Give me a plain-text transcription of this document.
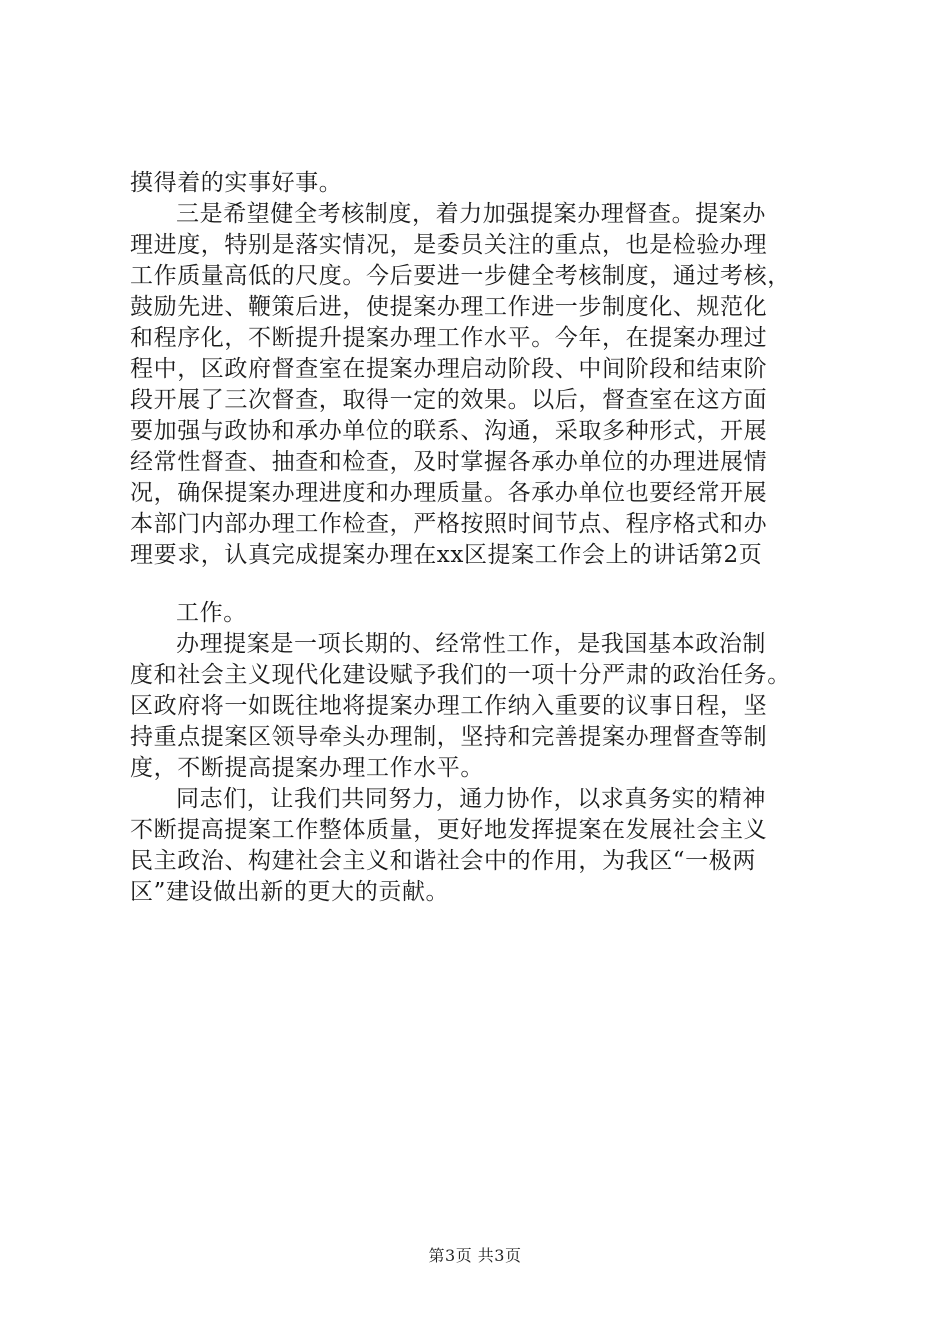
摸得着的实事好事。
三是希望健全考核制度，着力加强提案办理督查。提案办
理进度，特别是落实情况，是委员关注的重点，也是检验办理
工作质量高低的尺度。今后要进一步健全考核制度，通过考核，
鼓励先进、鞭策后进，使提案办理工作进一步制度化、规范化
和程序化，不断提升提案办理工作水平。今年，在提案办理过
程中，区政府督查室在提案办理启动阶段、中间阶段和结束阶
段开展了三次督查，取得一定的效果。以后，督查室在这方面
要加强与政协和承办单位的联系、沟通，采取多种形式，开展
经常性督查、抽查和检查，及时掌握各承办单位的办理进展情
况，确保提案办理进度和办理质量。各承办单位也要经常开展
本部门内部办理工作检查，严格按照时间节点、程序格式和办
理要求，认真完成提案办理在xx区提案工作会上的讲话第2页
工作。
办理提案是一项长期的、经常性工作，是我国基本政治制
度和社会主义现代化建设赋予我们的一项十分严肃的政治任务。
区政府将一如既往地将提案办理工作纳入重要的议事日程，坚
持重点提案区领导牵头办理制，坚持和完善提案办理督查等制
度，不断提高提案办理工作水平。
同志们，让我们共同努力，通力协作，以求真务实的精神
不断提高提案工作整体质量，更好地发挥提案在发展社会主义
民主政治、构建社会主义和谐社会中的作用，为我区“一极两
区”建设做出新的更大的贡献。
第3页 共3页
